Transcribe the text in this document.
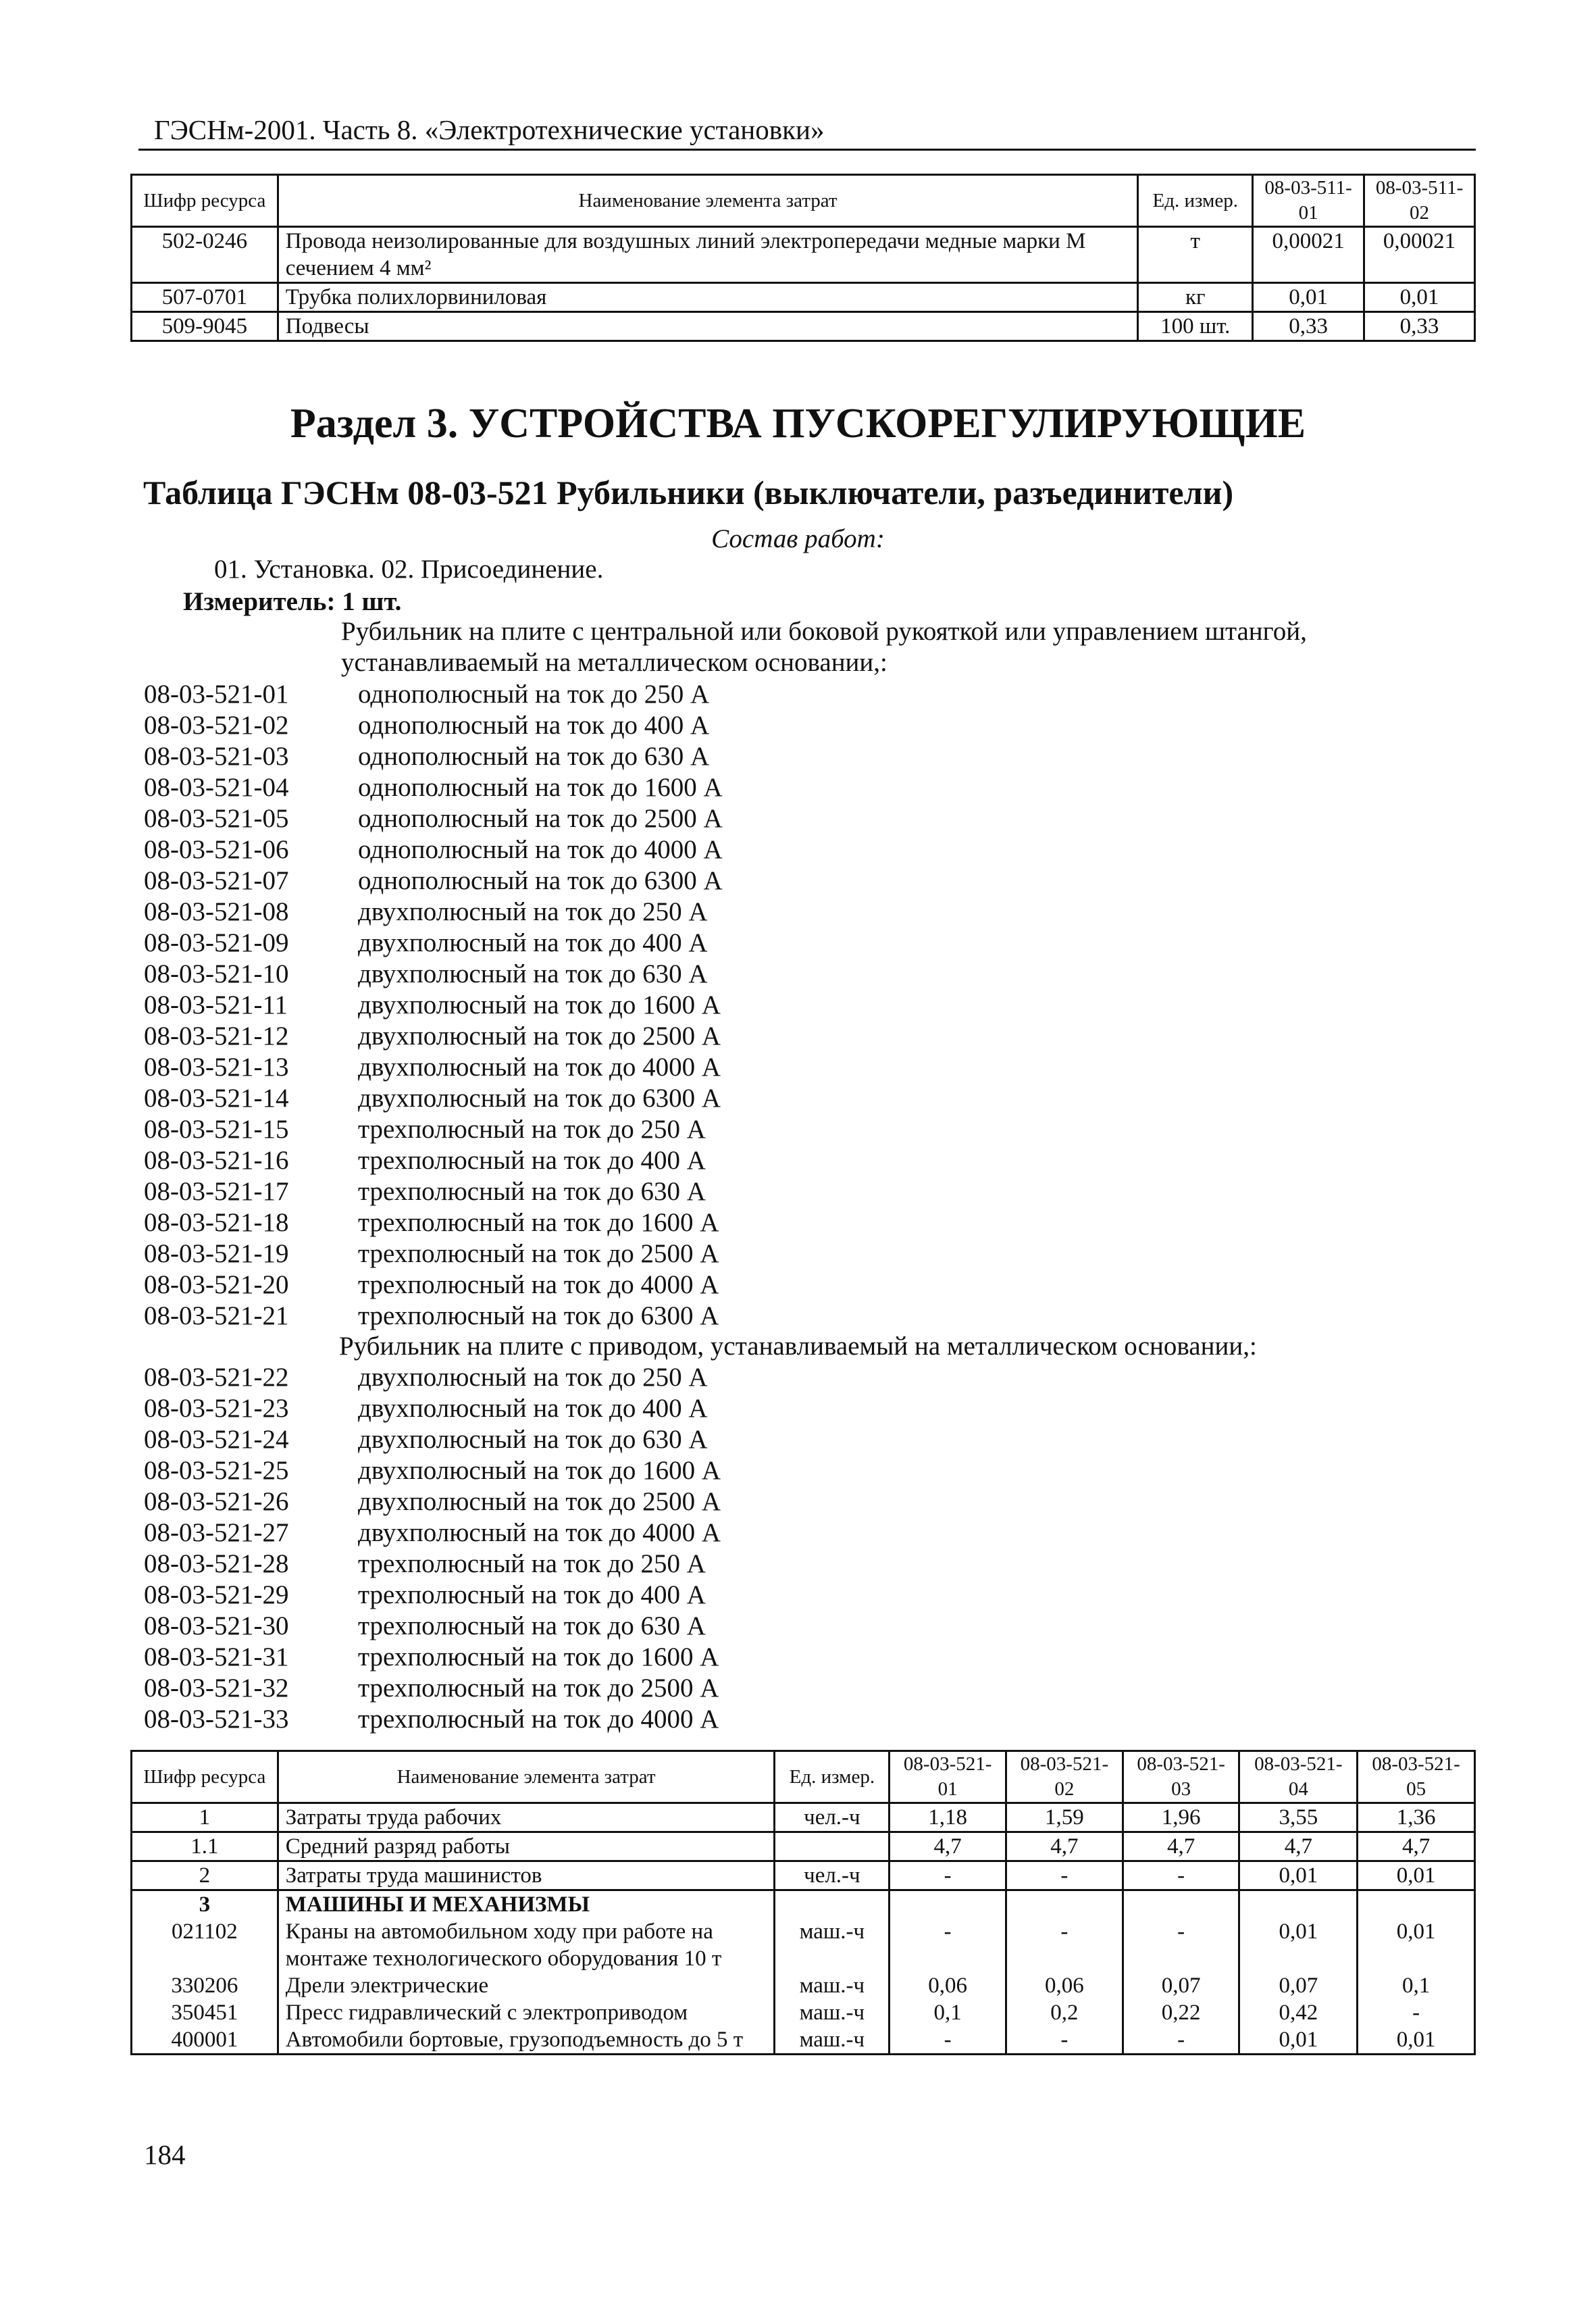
ГЭСНм-2001. Часть 8. «Электротехнические установки»
Шифр ресурса	Наименование элемента затрат	Ед. измер.	08-03-511-01	08-03-511-02
502-0246	Провода неизолированные для воздушных линий электропередачи медные марки М сечением 4 мм²	т	0,00021	0,00021
507-0701	Трубка полихлорвиниловая	кг	0,01	0,01
509-9045	Подвесы	100 шт.	0,33	0,33
Раздел 3. УСТРОЙСТВА ПУСКОРЕГУЛИРУЮЩИЕ
Таблица ГЭСНм 08-03-521 Рубильники (выключатели, разъединители)
Состав работ:
01. Установка. 02. Присоединение.
Измеритель: 1 шт.
Рубильник на плите с центральной или боковой рукояткой или управлением штангой,
устанавливаемый на металлическом основании,:
08-03-521-01	однополюсный на ток до 250 А
08-03-521-02	однополюсный на ток до 400 А
08-03-521-03	однополюсный на ток до 630 А
08-03-521-04	однополюсный на ток до 1600 А
08-03-521-05	однополюсный на ток до 2500 А
08-03-521-06	однополюсный на ток до 4000 А
08-03-521-07	однополюсный на ток до 6300 А
08-03-521-08	двухполюсный на ток до 250 А
08-03-521-09	двухполюсный на ток до 400 А
08-03-521-10	двухполюсный на ток до 630 А
08-03-521-11	двухполюсный на ток до 1600 А
08-03-521-12	двухполюсный на ток до 2500 А
08-03-521-13	двухполюсный на ток до 4000 А
08-03-521-14	двухполюсный на ток до 6300 А
08-03-521-15	трехполюсный на ток до 250 А
08-03-521-16	трехполюсный на ток до 400 А
08-03-521-17	трехполюсный на ток до 630 А
08-03-521-18	трехполюсный на ток до 1600 А
08-03-521-19	трехполюсный на ток до 2500 А
08-03-521-20	трехполюсный на ток до 4000 А
08-03-521-21	трехполюсный на ток до 6300 А
Рубильник на плите с приводом, устанавливаемый на металлическом основании,:
08-03-521-22	двухполюсный на ток до 250 А
08-03-521-23	двухполюсный на ток до 400 А
08-03-521-24	двухполюсный на ток до 630 А
08-03-521-25	двухполюсный на ток до 1600 А
08-03-521-26	двухполюсный на ток до 2500 А
08-03-521-27	двухполюсный на ток до 4000 А
08-03-521-28	трехполюсный на ток до 250 А
08-03-521-29	трехполюсный на ток до 400 А
08-03-521-30	трехполюсный на ток до 630 А
08-03-521-31	трехполюсный на ток до 1600 А
08-03-521-32	трехполюсный на ток до 2500 А
08-03-521-33	трехполюсный на ток до 4000 А
Шифр ресурса	Наименование элемента затрат	Ед. измер.	08-03-521-01	08-03-521-02	08-03-521-03	08-03-521-04	08-03-521-05
1	Затраты труда рабочих	чел.-ч	1,18	1,59	1,96	3,55	1,36
1.1	Средний разряд работы		4,7	4,7	4,7	4,7	4,7
2	Затраты труда машинистов	чел.-ч	-	-	-	0,01	0,01
3	МАШИНЫ И МЕХАНИЗМЫ						
021102	Краны на автомобильном ходу при работе на монтаже технологического оборудования 10 т	маш.-ч	-	-	-	0,01	0,01
330206	Дрели электрические	маш.-ч	0,06	0,06	0,07	0,07	0,1
350451	Пресс гидравлический с электроприводом	маш.-ч	0,1	0,2	0,22	0,42	-
400001	Автомобили бортовые, грузоподъемность до 5 т	маш.-ч	-	-	-	0,01	0,01
184
